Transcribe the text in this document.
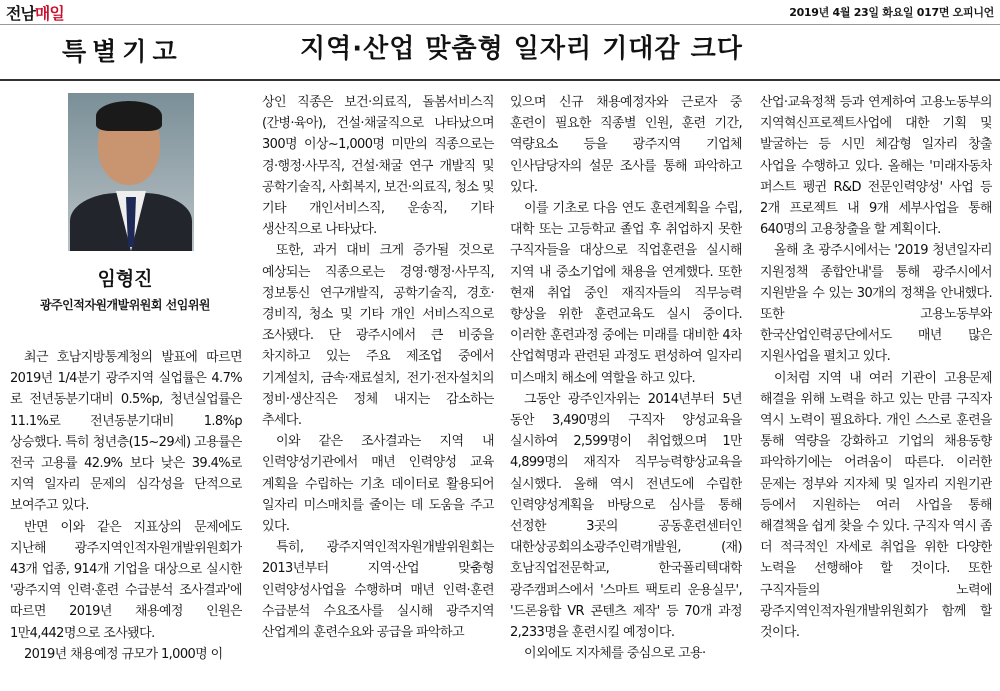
전남매일	2019년 4월 23일 화요일 017면 오피니언
특별기고	지역·산업 맞춤형 일자리 기대감 크다
임형진
광주인적자원개발위원회 선임위원

최근 호남지방통계청의 발표에 따르면 2019년 1/4분기 광주지역 실업률은 4.7%로 전년동분기대비 0.5%p, 청년실업률은 11.1%로 전년동분기대비 1.8%p 상승했다. 특히 청년층(15~29세) 고용률은 전국 고용률 42.9% 보다 낮은 39.4%로 지역 일자리 문제의 심각성을 단적으로 보여주고 있다.

반면 이와 같은 지표상의 문제에도 지난해 광주지역인적자원개발위원회가 43개 업종, 914개 기업을 대상으로 실시한 '광주지역 인력·훈련 수급분석 조사결과'에 따르면 2019년 채용예정 인원은 1만4,442명으로 조사됐다.

2019년 채용예정 규모가 1,000명 이

상인 직종은 보건·의료직, 돌봄서비스직(간병·육아), 건설·채굴직으로 나타났으며 300명 이상~1,000명 미만의 직종으로는 경·행정·사무직, 건설·채굴 연구 개발직 및 공학기술직, 사회복지, 보건·의료직, 청소 및 기타 개인서비스직, 운송직, 기타 생산직으로 나타났다.

또한, 과거 대비 크게 증가될 것으로 예상되는 직종으로는 경영·행정·사무직, 정보통신 연구개발직, 공학기술직, 경호·경비직, 청소 및 기타 개인 서비스직으로 조사됐다. 단 광주시에서 큰 비중을 차지하고 있는 주요 제조업 중에서 기계설치, 금속·재료설치, 전기·전자설치의 정비·생산직은 정체 내지는 감소하는 추세다.

이와 같은 조사결과는 지역 내 인력양성기관에서 매년 인력양성 교육 계획을 수립하는 기초 데이터로 활용되어 일자리 미스매치를 줄이는 데 도움을 주고 있다.

특히, 광주지역인적자원개발위원회는 2013년부터 지역·산업 맞춤형 인력양성사업을 수행하며 매년 인력·훈련 수급분석 수요조사를 실시해 광주지역 산업계의 훈련수요와 공급을 파악하고

있으며 신규 채용예정자와 근로자 중 훈련이 필요한 직종별 인원, 훈련 기간, 역량요소 등을 광주지역 기업체 인사담당자의 설문 조사를 통해 파악하고 있다.

이를 기초로 다음 연도 훈련계획을 수립, 대학 또는 고등학교 졸업 후 취업하지 못한 구직자들을 대상으로 직업훈련을 실시해 지역 내 중소기업에 채용을 연계했다. 또한 현재 취업 중인 재직자들의 직무능력 향상을 위한 훈련교육도 실시 중이다. 이러한 훈련과정 중에는 미래를 대비한 4차 산업혁명과 관련된 과정도 편성하여 일자리 미스매치 해소에 역할을 하고 있다.

그동안 광주인자위는 2014년부터 5년 동안 3,490명의 구직자 양성교육을 실시하여 2,599명이 취업했으며 1만 4,899명의 재직자 직무능력향상교육을 실시했다. 올해 역시 전년도에 수립한 인력양성계획을 바탕으로 심사를 통해 선정한 3곳의 공동훈련센터인 대한상공회의소광주인력개발원, (재)호남직업전문학교, 한국폴리텍대학 광주캠퍼스에서 '스마트 팩토리 운용실무', '드론융합 VR 콘텐츠 제작' 등 70개 과정 2,233명을 훈련시킬 예정이다.

이외에도 지자체를 중심으로 고용·

산업·교육정책 등과 연계하여 고용노동부의 지역혁신프로젝트사업에 대한 기획 및 발굴하는 등 시민 체감형 일자리 창출 사업을 수행하고 있다. 올해는 '미래자동차 퍼스트 펭귄 R&D 전문인력양성' 사업 등 2개 프로젝트 내 9개 세부사업을 통해 640명의 고용창출을 할 계획이다.

올해 초 광주시에서는 '2019 청년일자리 지원정책 종합안내'를 통해 광주시에서 지원받을 수 있는 30개의 정책을 안내했다. 또한 고용노동부와 한국산업인력공단에서도 매년 많은 지원사업을 펼치고 있다.

이처럼 지역 내 여러 기관이 고용문제 해결을 위해 노력을 하고 있는 만큼 구직자 역시 노력이 필요하다. 개인 스스로 훈련을 통해 역량을 강화하고 기업의 채용동향 파악하기에는 어려움이 따른다. 이러한 문제는 정부와 지자체 및 일자리 지원기관 등에서 지원하는 여러 사업을 통해 해결책을 쉽게 찾을 수 있다. 구직자 역시 좀 더 적극적인 자세로 취업을 위한 다양한 노력을 선행해야 할 것이다. 또한 구직자들의 노력에 광주지역인적자원개발위원회가 함께 할 것이다.
